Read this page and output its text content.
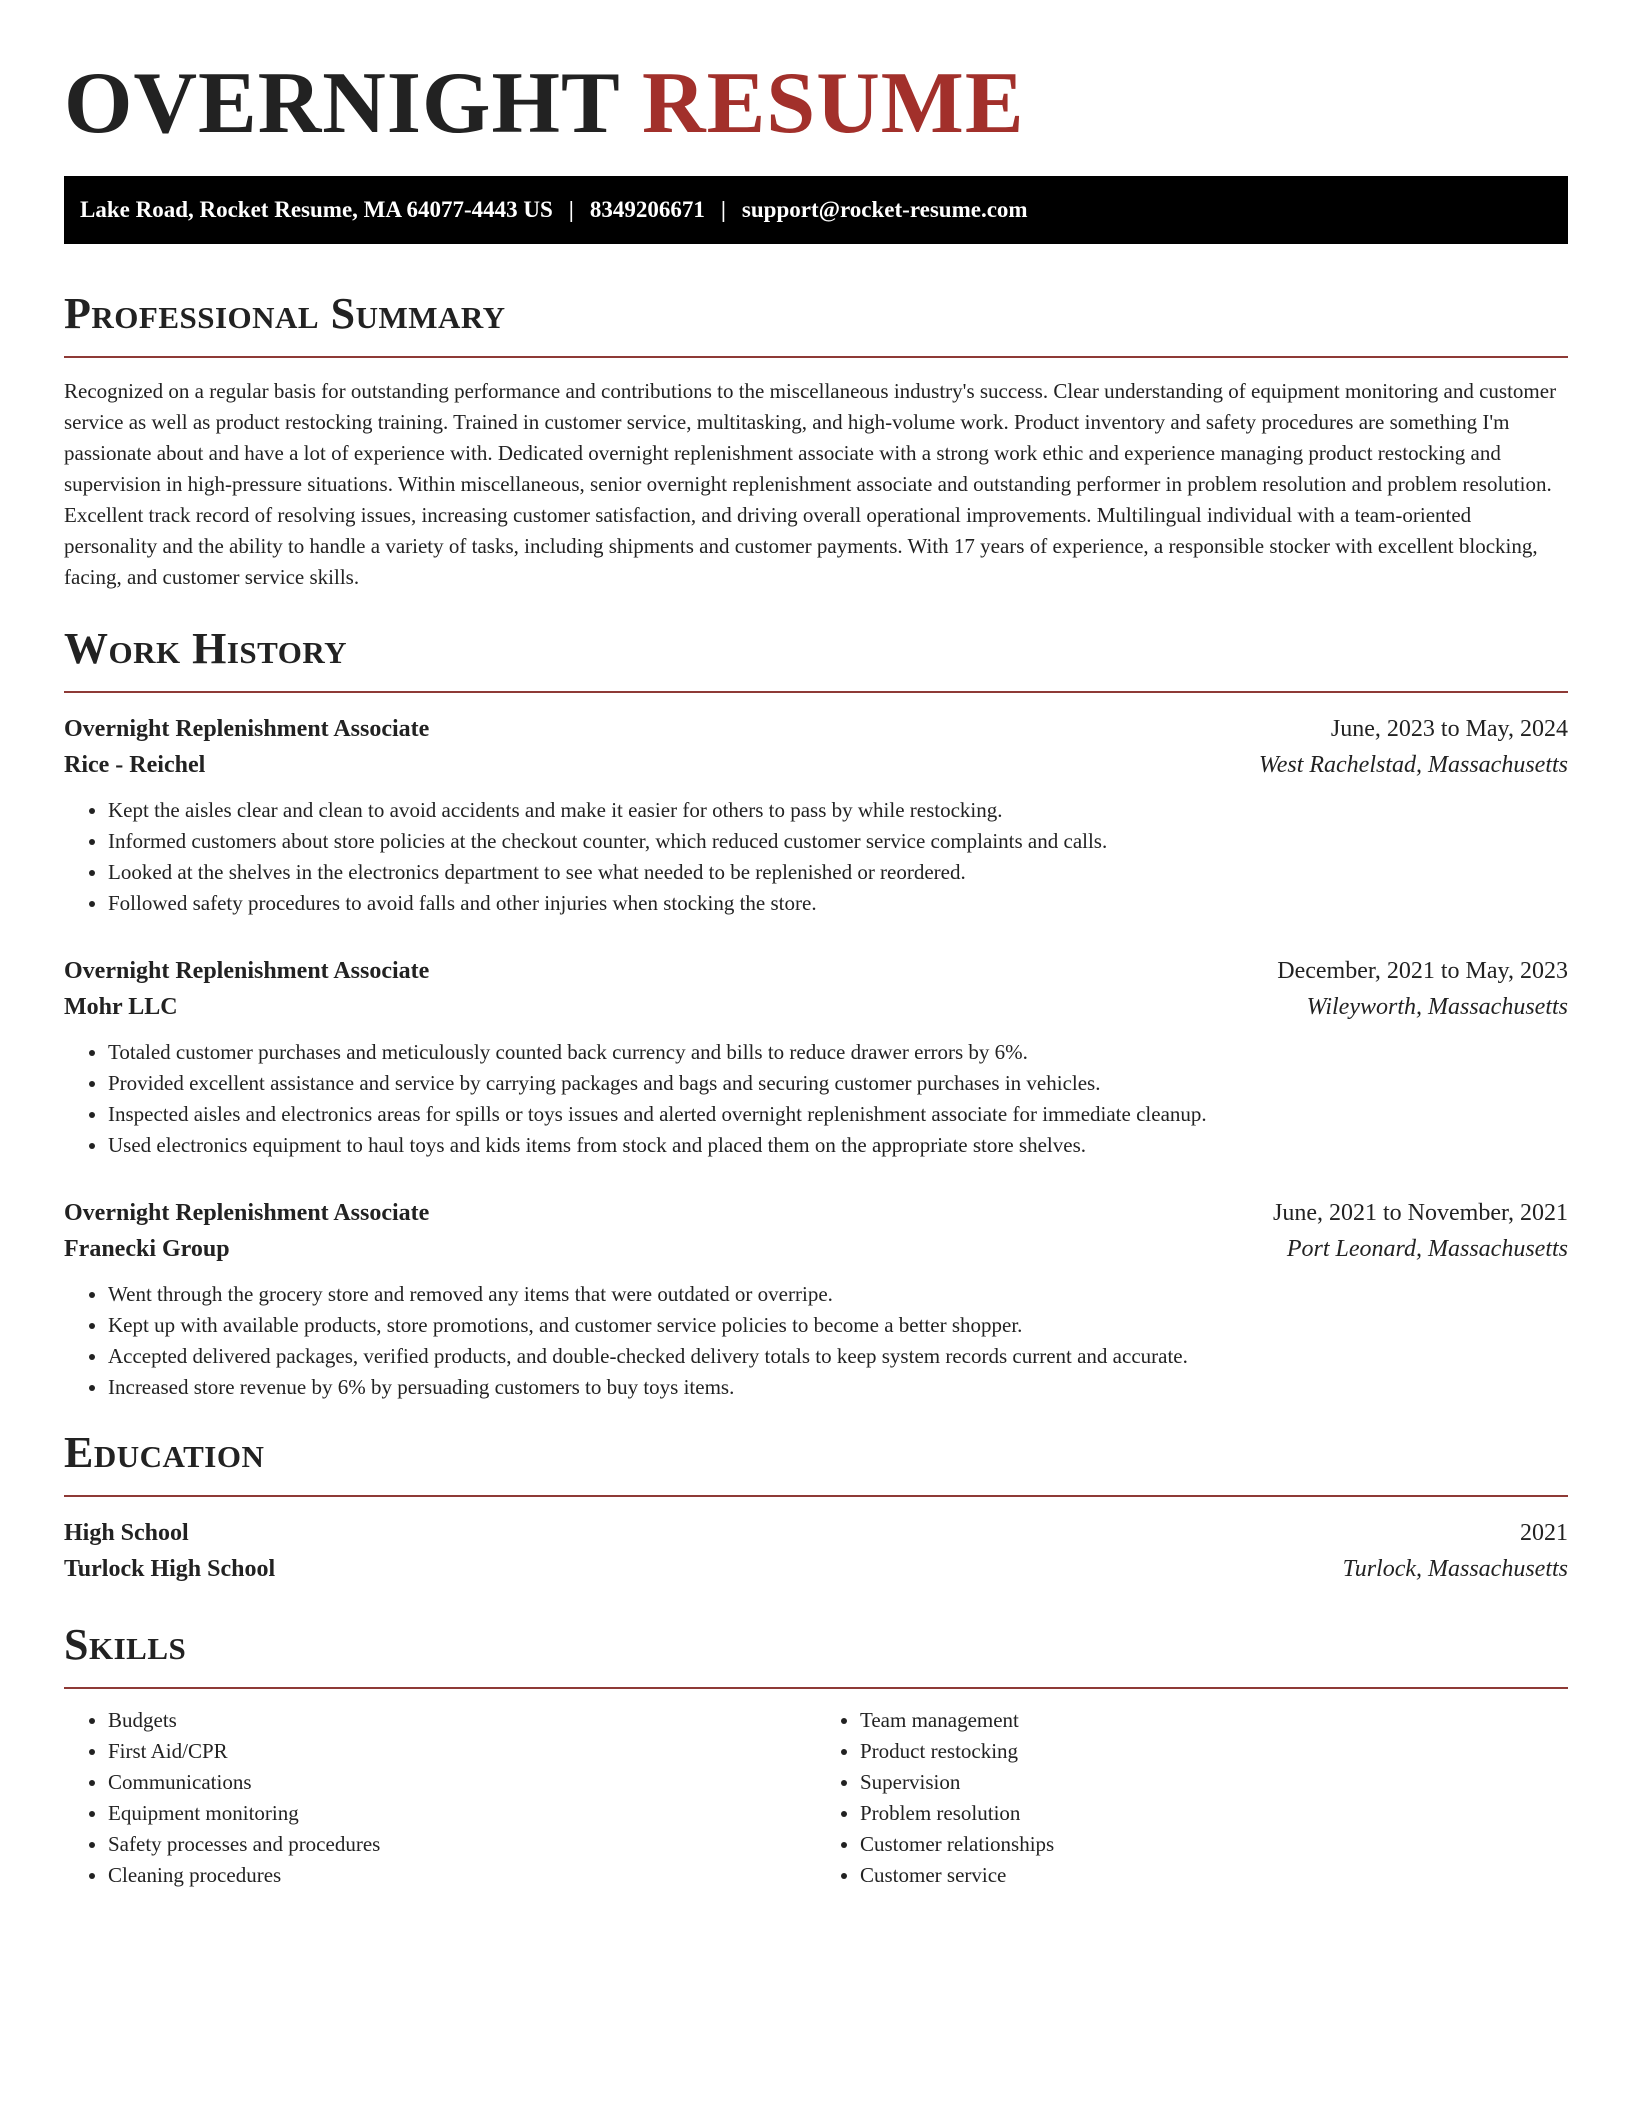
OVERNIGHT RESUME
Lake Road, Rocket Resume, MA 64077-4443 US | 8349206671 | support@rocket-resume.com
Professional Summary

Recognized on a regular basis for outstanding performance and contributions to the miscellaneous industry's success. Clear understanding of equipment monitoring and customer service as well as product restocking training. Trained in customer service, multitasking, and high-volume work. Product inventory and safety procedures are something I'm passionate about and have a lot of experience with. Dedicated overnight replenishment associate with a strong work ethic and experience managing product restocking and supervision in high-pressure situations. Within miscellaneous, senior overnight replenishment associate and outstanding performer in problem resolution and problem resolution. Excellent track record of resolving issues, increasing customer satisfaction, and driving overall operational improvements. Multilingual individual with a team-oriented personality and the ability to handle a variety of tasks, including shipments and customer payments. With 17 years of experience, a responsible stocker with excellent blocking, facing, and customer service skills.

Work History
Overnight Replenishment Associate	June, 2023 to May, 2024
Rice - Reichel	West Rachelstad, Massachusetts
• Kept the aisles clear and clean to avoid accidents and make it easier for others to pass by while restocking.
• Informed customers about store policies at the checkout counter, which reduced customer service complaints and calls.
• Looked at the shelves in the electronics department to see what needed to be replenished or reordered.
• Followed safety procedures to avoid falls and other injuries when stocking the store.
Overnight Replenishment Associate	December, 2021 to May, 2023
Mohr LLC	Wileyworth, Massachusetts
• Totaled customer purchases and meticulously counted back currency and bills to reduce drawer errors by 6%.
• Provided excellent assistance and service by carrying packages and bags and securing customer purchases in vehicles.
• Inspected aisles and electronics areas for spills or toys issues and alerted overnight replenishment associate for immediate cleanup.
• Used electronics equipment to haul toys and kids items from stock and placed them on the appropriate store shelves.
Overnight Replenishment Associate	June, 2021 to November, 2021
Franecki Group	Port Leonard, Massachusetts
• Went through the grocery store and removed any items that were outdated or overripe.
• Kept up with available products, store promotions, and customer service policies to become a better shopper.
• Accepted delivered packages, verified products, and double-checked delivery totals to keep system records current and accurate.
• Increased store revenue by 6% by persuading customers to buy toys items.
Education
High School	2021
Turlock High School	Turlock, Massachusetts
Skills
• Budgets
• First Aid/CPR
• Communications
• Equipment monitoring
• Safety processes and procedures
• Cleaning procedures
• Team management
• Product restocking
• Supervision
• Problem resolution
• Customer relationships
• Customer service
